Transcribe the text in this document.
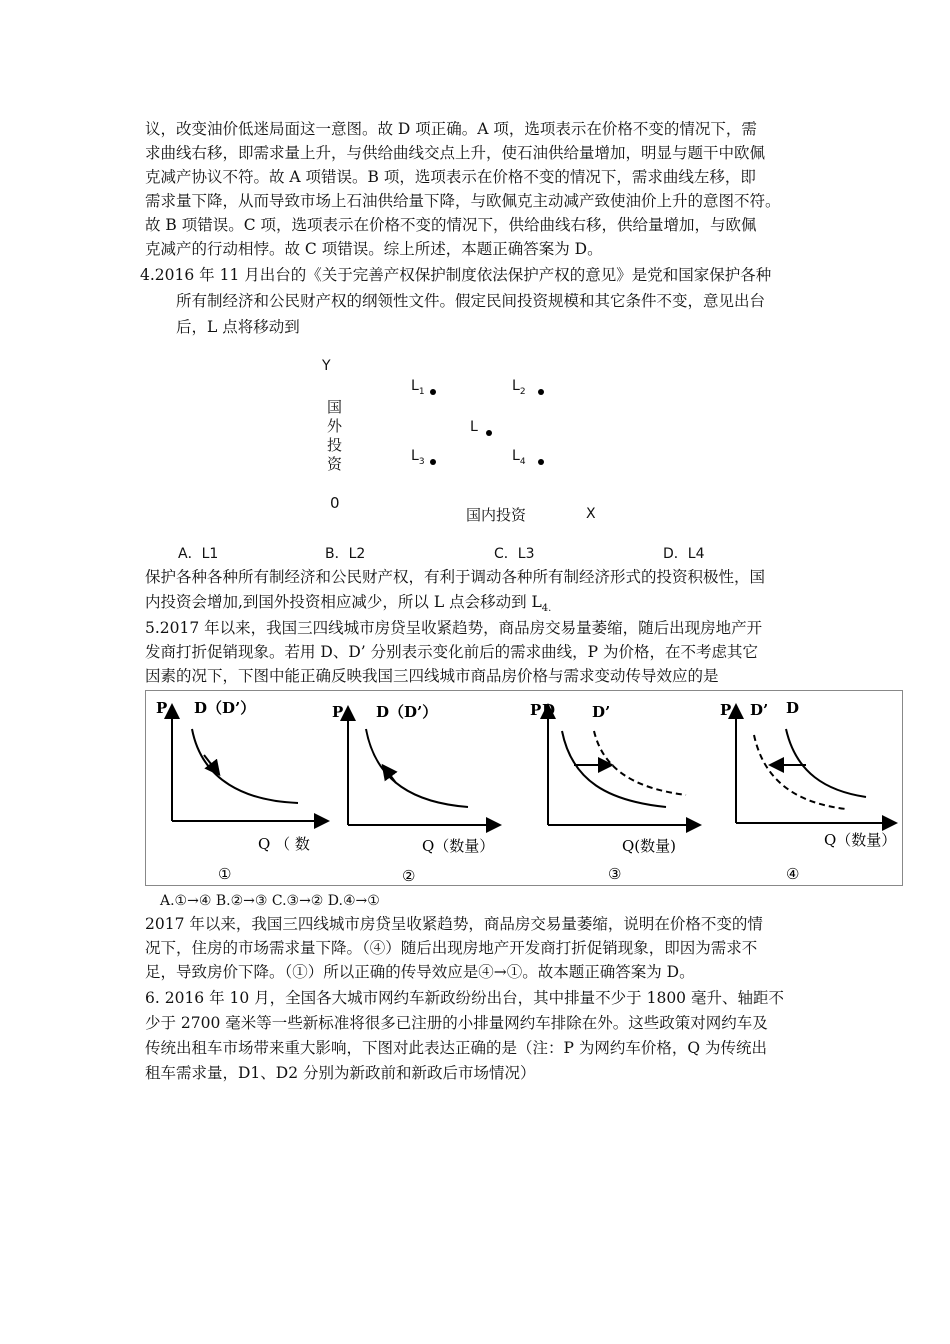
议，改变油价低迷局面这一意图。故 D 项正确。A 项，选项表示在价格不变的情况下，需
求曲线右移，即需求量上升，与供给曲线交点上升，使石油供给量增加，明显与题干中欧佩
克减产协议不符。故 A 项错误。B 项，选项表示在价格不变的情况下，需求曲线左移，即
需求量下降，从而导致市场上石油供给量下降，与欧佩克主动减产致使油价上升的意图不符。
故 B 项错误。C 项，选项表示在价格不变的情况下，供给曲线右移，供给量增加，与欧佩
克减产的行动相悖。故 C 项错误。综上所述，本题正确答案为 D。
4.2016 年 11 月出台的《关于完善产权保护制度依法保护产权的意见》是党和国家保护各种
所有制经济和公民财产权的纲领性文件。假定民间投资规模和其它条件不变，意见出台
后，L 点将移动到
Y
国
外
投
资
0
国内投资	X
$L_1$	$L_2$
L
$L_3$	$L_4$
A．L1	B．L2	C．L3	D．L4
保护各种各种所有制经济和公民财产权，有利于调动各种所有制经济形式的投资积极性，国
内投资会增加,到国外投资相应减少，所以 L 点会移动到 $L_{4.}$
5.2017 年以来，我国三四线城市房贷呈收紧趋势，商品房交易量萎缩，随后出现房地产开
发商打折促销现象。若用 D、D’ 分别表示变化前后的需求曲线，P 为价格，在不考虑其它
因素的况下，下图中能正确反映我国三四线城市商品房价格与需求变动传导效应的是
P D（D’）
Q （ 数
①
P D（D’）
Q（数量）
②
P D D’
Q(数量)
③
P D’ D
Q（数量）
④
A.①→④ B.②→③ C.③→② D.④→①
2017 年以来，我国三四线城市房贷呈收紧趋势，商品房交易量萎缩，说明在价格不变的情
况下，住房的市场需求量下降。（④）随后出现房地产开发商打折促销现象，即因为需求不
足，导致房价下降。（①）所以正确的传导效应是④→①。故本题正确答案为 D。
6. 2016 年 10 月，全国各大城市网约车新政纷纷出台，其中排量不少于 1800 毫升、轴距不
少于 2700 毫米等一些新标准将很多已注册的小排量网约车排除在外。这些政策对网约车及
传统出租车市场带来重大影响，下图对此表达正确的是（注：P 为网约车价格，Q 为传统出
租车需求量，D1、D2 分别为新政前和新政后市场情况）
